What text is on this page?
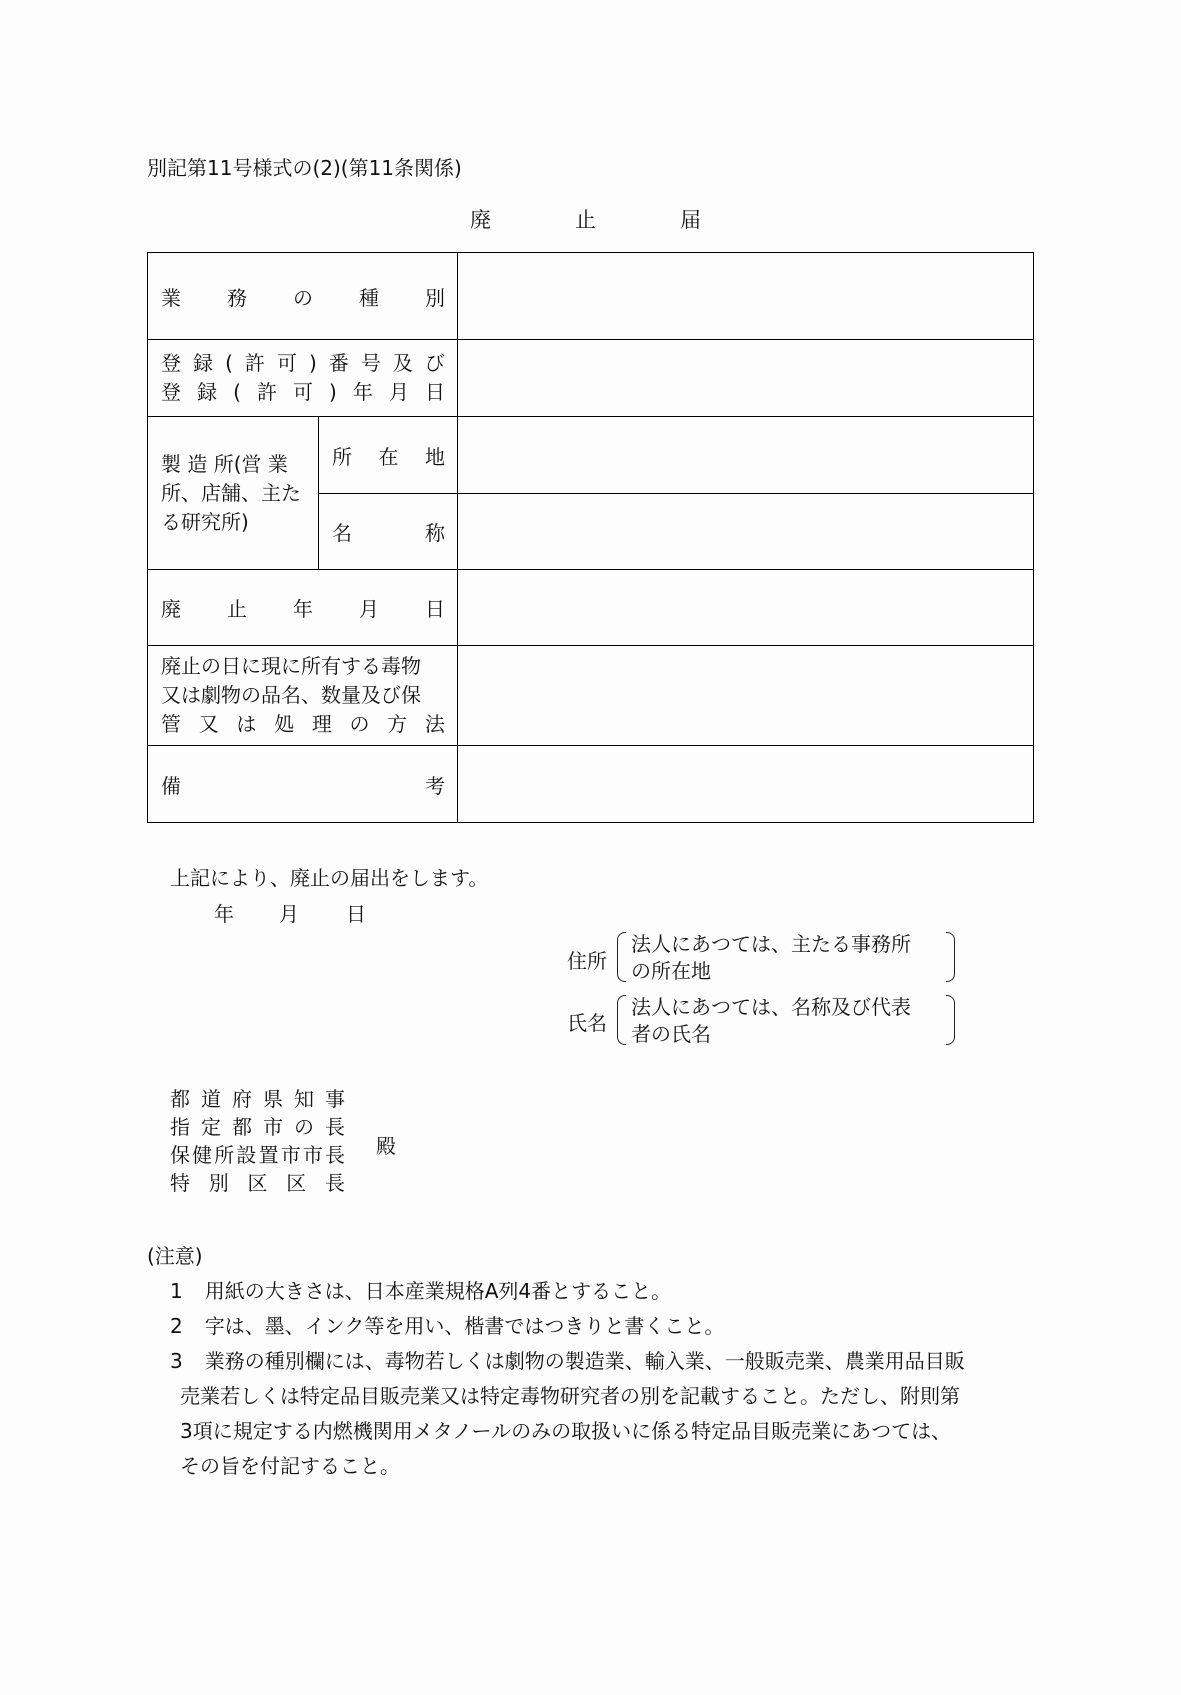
別記第11号様式の(2)(第11条関係)
廃	止	届
業 務 の 種 別		

登 録 ( 許 可 ) 番 号 及 び
登 録 ( 許 可 ) 年 月 日

製 造 所(営 業
所、店舗、主た
る研究所)

所 在 地

	名 称	

廃 止 年 月 日		

廃止の日に現に所有する毒物
又は劇物の品名、数量及び保
管 又 は 処 理 の 方 法

備 考		

上記により、廃止の届出をします。
年 月 日
住所
法人にあつては、主たる事務所
の所在地
氏名
法人にあつては、名称及び代表
者の氏名
都 道 府 県 知 事
指 定 都 市 の 長
保 健 所 設 置 市 市 長
特 別 区 区 長
殿
(注意)
1 用紙の大きさは、日本産業規格A列4番とすること。
2 字は、墨、インク等を用い、楷書ではつきりと書くこと。
3 業務の種別欄には、毒物若しくは劇物の製造業、輸入業、一般販売業、農業用品目販
売業若しくは特定品目販売業又は特定毒物研究者の別を記載すること。ただし、附則第
3項に規定する内燃機関用メタノールのみの取扱いに係る特定品目販売業にあつては、
その旨を付記すること。
